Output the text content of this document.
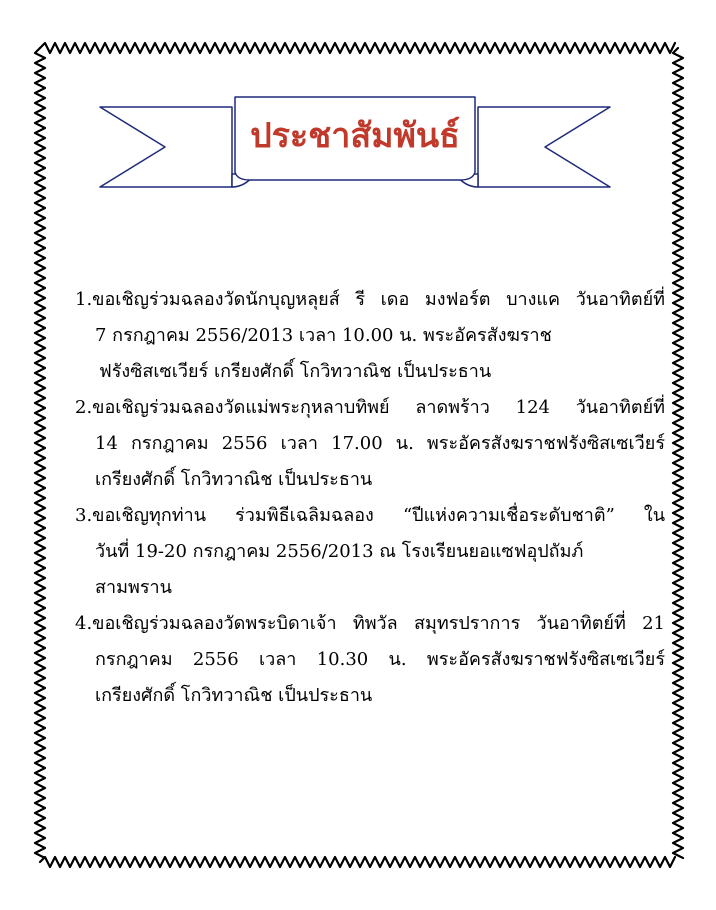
ประชาสัมพันธ์
1.ขอเชิญร่วมฉลองวัดนักบุญหลุยส์ รี เดอ มงฟอร์ต บางแค วันอาทิตย์ที่
7 กรกฎาคม 2556/2013 เวลา 10.00 น. พระอัครสังฆราช
ฟรังซิสเซเวียร์ เกรียงศักดิ์ โกวิทวาณิช เป็นประธาน
2.ขอเชิญร่วมฉลองวัดแม่พระกุหลาบทิพย์ ลาดพร้าว 124 วันอาทิตย์ที่
14 กรกฎาคม 2556 เวลา 17.00 น. พระอัครสังฆราชฟรังซิสเซเวียร์
เกรียงศักดิ์ โกวิทวาณิช เป็นประธาน
3.ขอเชิญทุกท่าน ร่วมพิธีเฉลิมฉลอง “ปีแห่งความเชื่อระดับชาติ” ใน
วันที่ 19-20 กรกฎาคม 2556/2013 ณ โรงเรียนยอแซฟอุปถัมภ์
สามพราน
4.ขอเชิญร่วมฉลองวัดพระบิดาเจ้า ทิพวัล สมุทรปราการ วันอาทิตย์ที่ 21
กรกฎาคม 2556 เวลา 10.30 น. พระอัครสังฆราชฟรังซิสเซเวียร์
เกรียงศักดิ์ โกวิทวาณิช เป็นประธาน
